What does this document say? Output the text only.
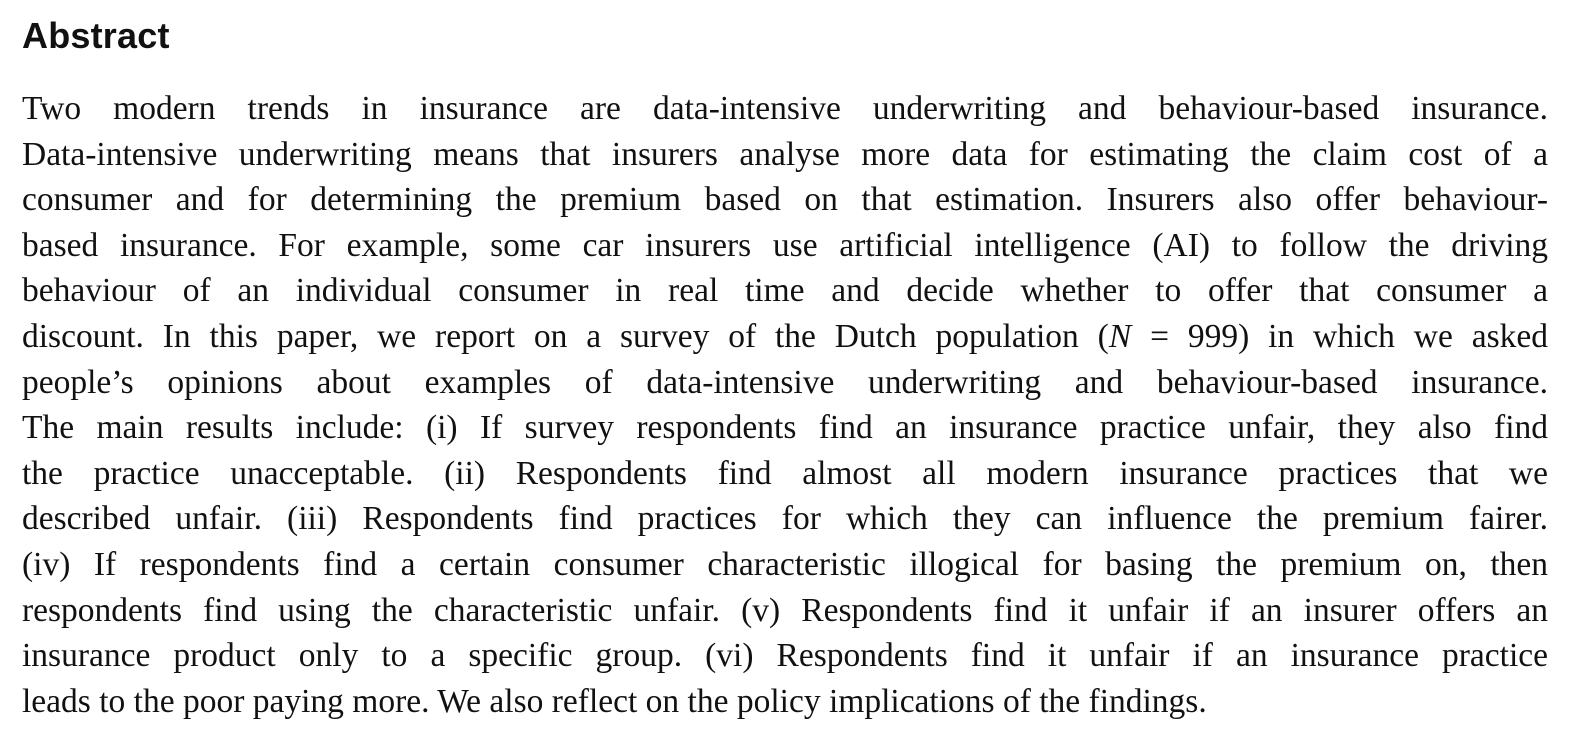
Abstract

Two modern trends in insurance are data-intensive underwriting and behaviour-based insurance.
Data-intensive underwriting means that insurers analyse more data for estimating the claim cost of a
consumer and for determining the premium based on that estimation. Insurers also offer behaviour-
based insurance. For example, some car insurers use artificial intelligence (AI) to follow the driving
behaviour of an individual consumer in real time and decide whether to offer that consumer a
discount. In this paper, we report on a survey of the Dutch population (N = 999) in which we asked
people’s opinions about examples of data-intensive underwriting and behaviour-based insurance.
The main results include: (i) If survey respondents find an insurance practice unfair, they also find
the practice unacceptable. (ii) Respondents find almost all modern insurance practices that we
described unfair. (iii) Respondents find practices for which they can influence the premium fairer.
(iv) If respondents find a certain consumer characteristic illogical for basing the premium on, then
respondents find using the characteristic unfair. (v) Respondents find it unfair if an insurer offers an
insurance product only to a specific group. (vi) Respondents find it unfair if an insurance practice
leads to the poor paying more. We also reflect on the policy implications of the findings.
